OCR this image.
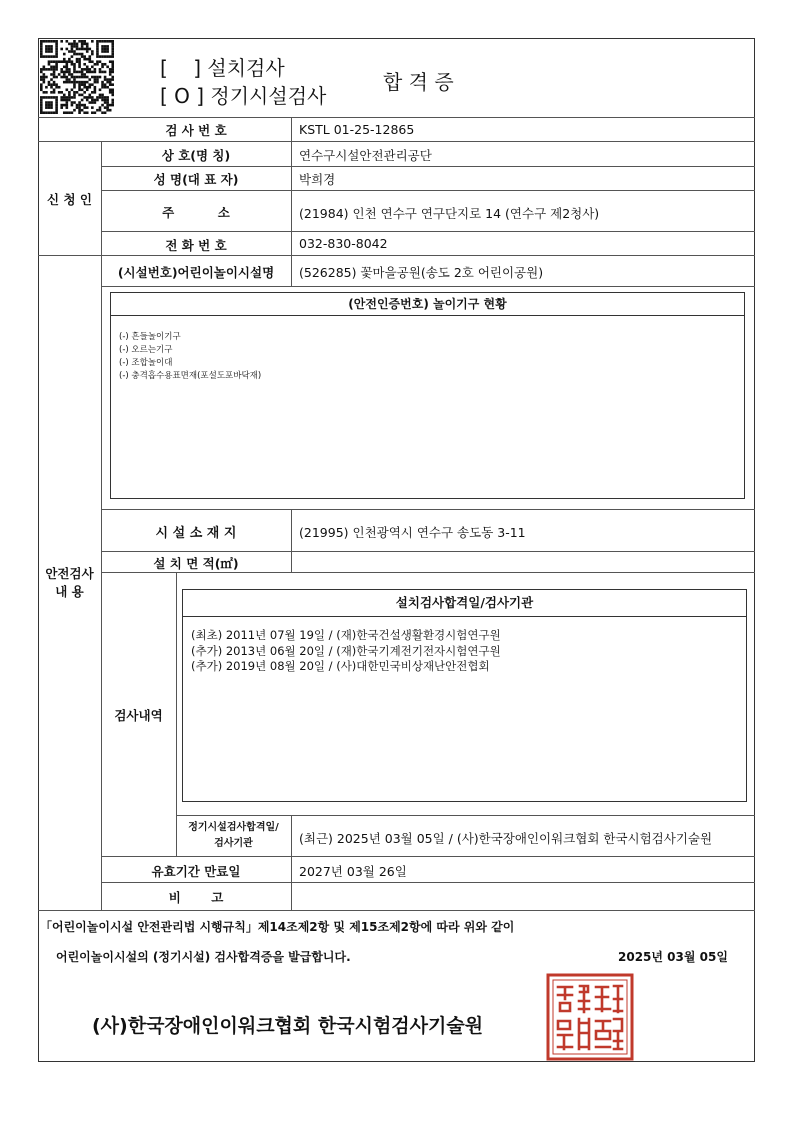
[    ] 설치검사
[ O ] 정기시설검사
합 격 증
검 사 번 호	KSTL 01-25-12865
신 청 인
상 호(명 칭)	연수구시설안전관리공단
성 명(대 표 자)	박희경
주          소	(21984) 인천 연수구 연구단지로 14 (연수구 제2청사)
전 화 번 호	032-830-8042
안전검사
내 용
(시설번호)어린이놀이시설명	(526285) 꽃마을공원(송도 2호 어린이공원)
(안전인증번호) 놀이기구 현황
(-) 흔들놀이기구
(-) 오르는기구
(-) 조합놀이대
(-) 충격흡수용표면재(포설도포바닥재)
시 설 소 재 지	(21995) 인천광역시 연수구 송도동 3-11
설 치 면 적(㎡)
검사내역
설치검사합격일/검사기관
(최초) 2011년 07월 19일 / (재)한국건설생활환경시험연구원
(추가) 2013년 06월 20일 / (재)한국기계전기전자시험연구원
(추가) 2019년 08월 20일 / (사)대한민국비상재난안전협회
정기시설검사합격일/
검사기관	(최근) 2025년 03월 05일 / (사)한국장애인이워크협회 한국시험검사기술원
유효기간 만료일	2027년 03월 26일
비       고
「어린이놀이시설 안전관리법 시행규칙」제14조제2항 및 제15조제2항에 따라 위와 같이
어린이놀이시설의 (정기시설) 검사합격증을 발급합니다.	2025년 03월 05일
(사)한국장애인이워크협회 한국시험검사기술원
